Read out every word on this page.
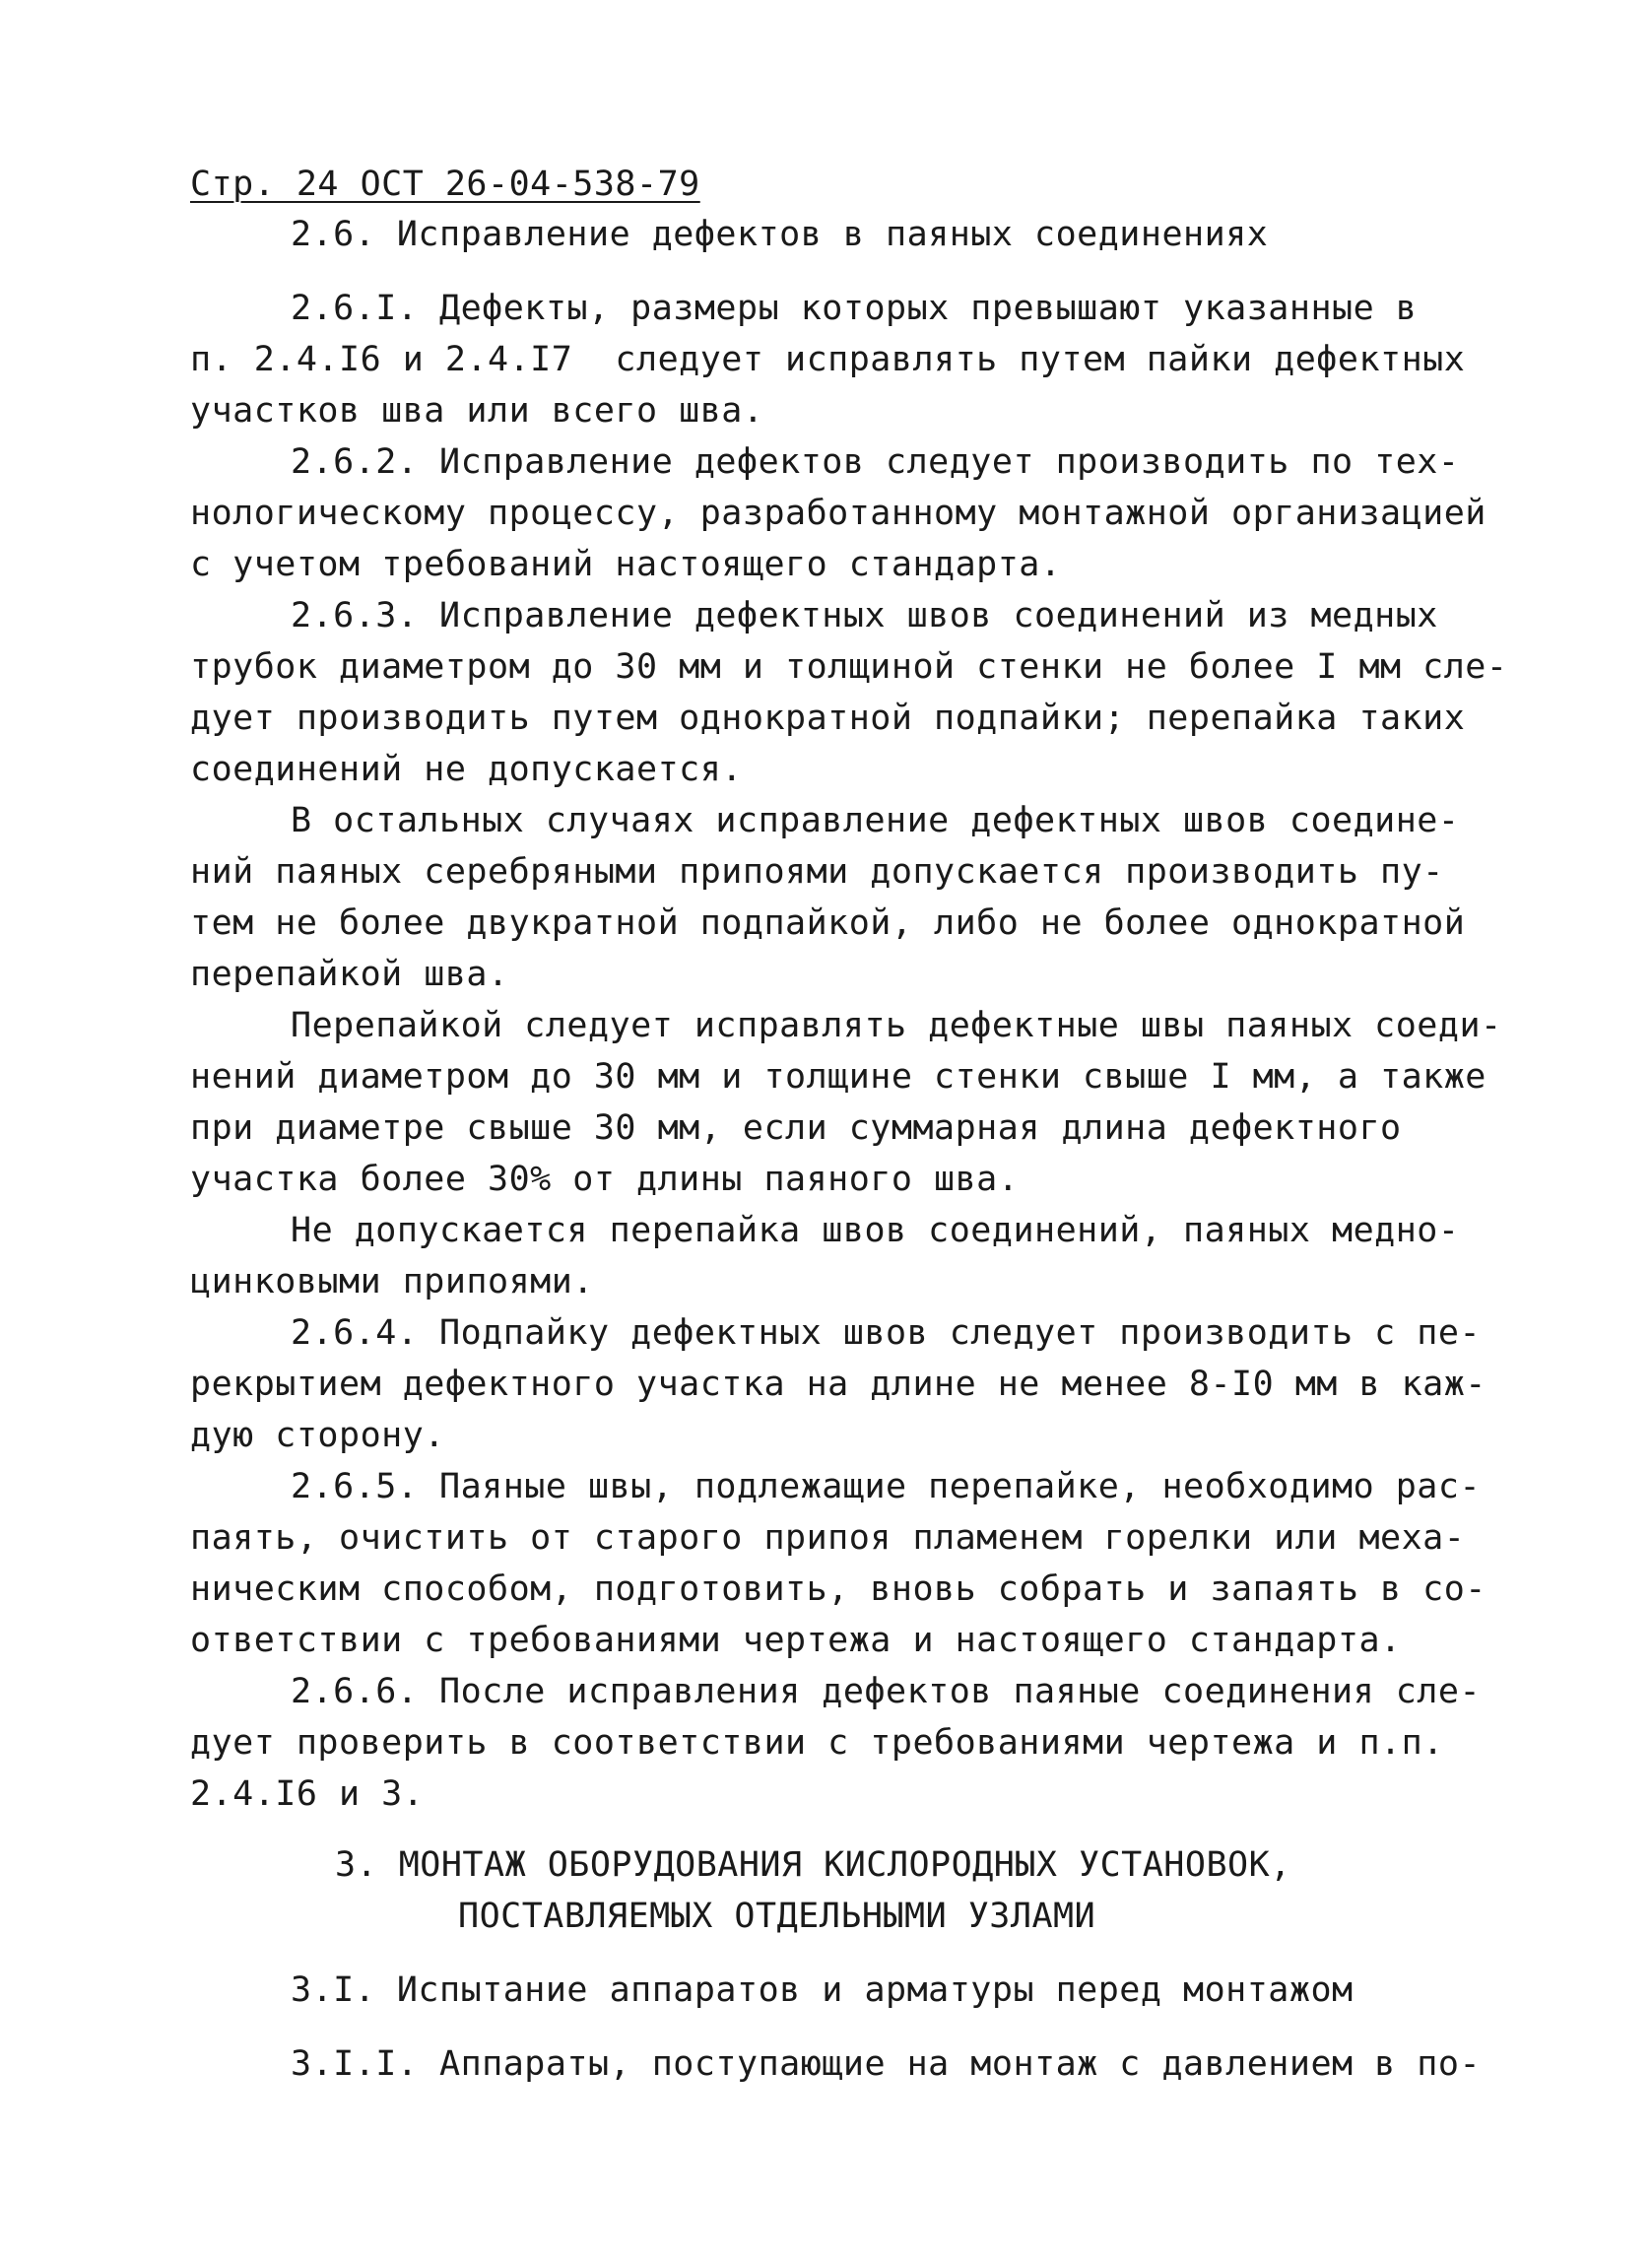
Стр. 24 ОСТ 26-04-538-79
2.6. Исправление дефектов в паяных соединениях
2.6.I. Дефекты, размеры которых превышают указанные в
п. 2.4.I6 и 2.4.I7  следует исправлять путем пайки дефектных
участков шва или всего шва.
2.6.2. Исправление дефектов следует производить по тех-
нологическому процессу, разработанному монтажной организацией
с учетом требований настоящего стандарта.
2.6.3. Исправление дефектных швов соединений из медных
трубок диаметром до 30 мм и толщиной стенки не более I мм сле-
дует производить путем однократной подпайки; перепайка таких
соединений не допускается.
В остальных случаях исправление дефектных швов соедине-
ний паяных серебряными припоями допускается производить пу-
тем не более двукратной подпайкой, либо не более однократной
перепайкой шва.
Перепайкой следует исправлять дефектные швы паяных соеди-
нений диаметром до 30 мм и толщине стенки свыше I мм, а также
при диаметре свыше 30 мм, если суммарная длина дефектного
участка более 30% от длины паяного шва.
Не допускается перепайка швов соединений, паяных медно-
цинковыми припоями.
2.6.4. Подпайку дефектных швов следует производить с пе-
рекрытием дефектного участка на длине не менее 8-I0 мм в каж-
дую сторону.
2.6.5. Паяные швы, подлежащие перепайке, необходимо рас-
паять, очистить от старого припоя пламенем горелки или меха-
ническим способом, подготовить, вновь собрать и запаять в со-
ответствии с требованиями чертежа и настоящего стандарта.
2.6.6. После исправления дефектов паяные соединения сле-
дует проверить в соответствии с требованиями чертежа и п.п.
2.4.I6 и 3.
3. МОНТАЖ ОБОРУДОВАНИЯ КИСЛОРОДНЫХ УСТАНОВОК,
ПОСТАВЛЯЕМЫХ ОТДЕЛЬНЫМИ УЗЛАМИ
3.I. Испытание аппаратов и арматуры перед монтажом
3.I.I. Аппараты, поступающие на монтаж с давлением в по-
